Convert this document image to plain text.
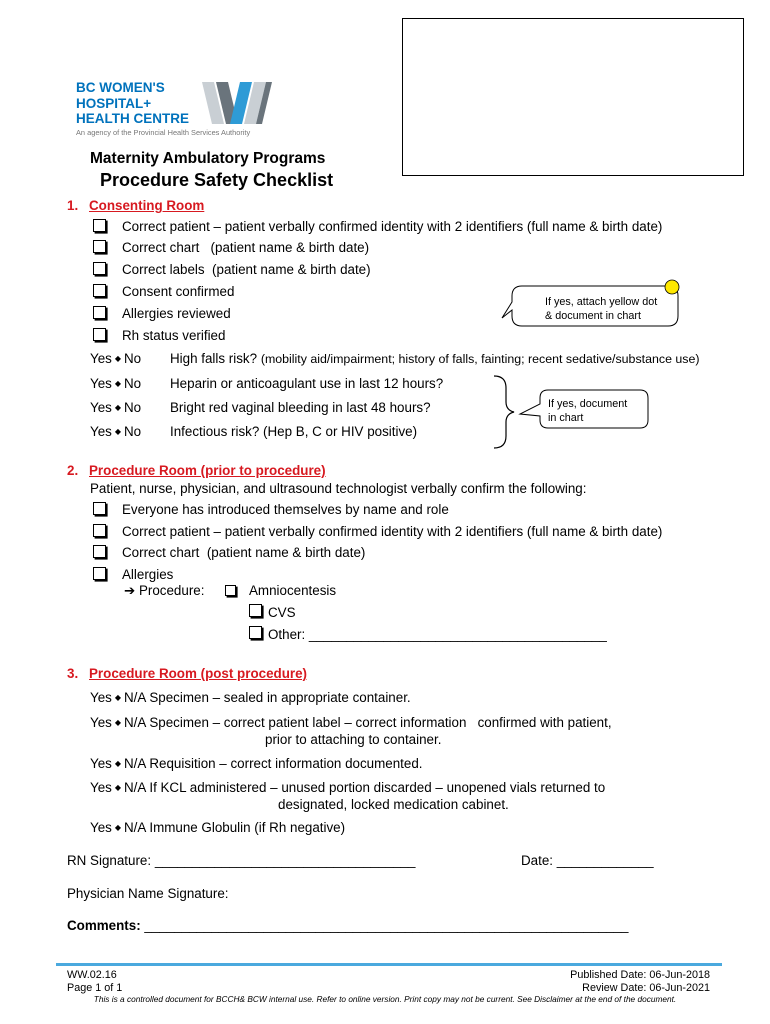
BC WOMEN'S
HOSPITAL+
HEALTH CENTRE
An agency of the Provincial Health Services Authority
Maternity Ambulatory Programs
Procedure Safety Checklist
1. Consenting Room
Correct patient – patient verbally confirmed identity with 2 identifiers (full name & birth date)
Correct chart   (patient name & birth date)
Correct labels  (patient name & birth date)
Consent confirmed
Allergies reviewed
Rh status verified
If yes, attach yellow dot
& document in chart
Yes ◆ No High falls risk? (mobility aid/impairment; history of falls, fainting; recent sedative/substance use)
Yes ◆ No Heparin or anticoagulant use in last 12 hours?
Yes ◆ No Bright red vaginal bleeding in last 48 hours?
Yes ◆ No Infectious risk? (Hep B, C or HIV positive)
If yes, document
in chart
2. Procedure Room (prior to procedure)
Patient, nurse, physician, and ultrasound technologist verbally confirm the following:
Everyone has introduced themselves by name and role
Correct patient – patient verbally confirmed identity with 2 identifiers (full name & birth date)
Correct chart  (patient name & birth date)
Allergies
➔ Procedure:	Amniocentesis
CVS
Other: ________________________________________
3. Procedure Room (post procedure)
Yes ◆ N/A Specimen – sealed in appropriate container.
Yes ◆ N/A Specimen – correct patient label – correct information   confirmed with patient,
prior to attaching to container.
Yes ◆ N/A Requisition – correct information documented.
Yes ◆ N/A If KCL administered – unused portion discarded – unopened vials returned to
designated, locked medication cabinet.
Yes ◆ N/A Immune Globulin (if Rh negative)
RN Signature: ___________________________________	Date: _____________
Physician Name Signature:
Comments: _________________________________________________________________
WW.02.16
Page 1 of 1
Published Date: 06-Jun-2018
Review Date: 06-Jun-2021
This is a controlled document for BCCH& BCW internal use. Refer to online version. Print copy may not be current. See Disclaimer at the end of the document.
